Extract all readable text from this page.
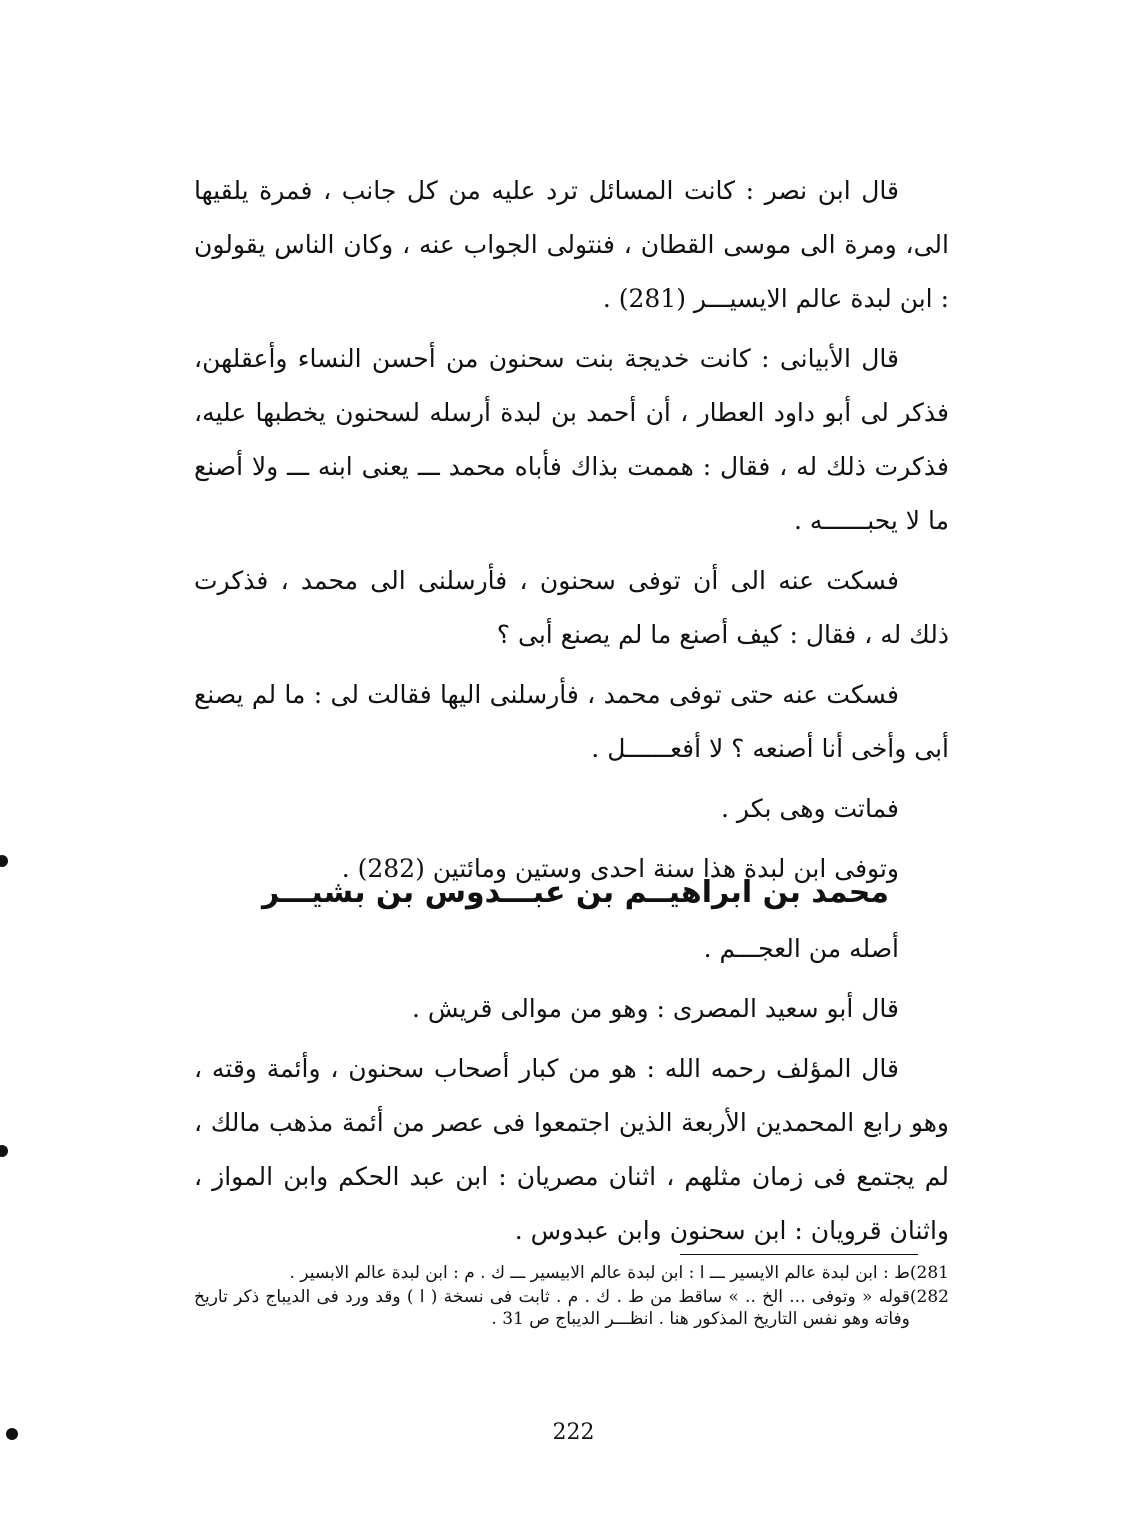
قال ابن نصر : كانت المسائل ترد عليه من كل جانب ، فمرة يلقيها الى، ومرة الى موسى القطان ، فنتولى الجواب عنه ، وكان الناس يقولون : ابن لبدة عالم الايسيـــر (281) .

قال الأبيانى : كانت خديجة بنت سحنون من أحسن النساء وأعقلهن، فذكر لى أبو داود العطار ، أن أحمد بن لبدة أرسله لسحنون يخطبها عليه، فذكرت ذلك له ، فقال : هممت بذاك فأباه محمد ـــ يعنى ابنه ـــ ولا أصنع ما لا يحبــــــه .

فسكت عنه الى أن توفى سحنون ، فأرسلنى الى محمد ، فذكرت ذلك له ، فقال : كيف أصنع ما لم يصنع أبى ؟

فسكت عنه حتى توفى محمد ، فأرسلنى اليها فقالت لى : ما لم يصنع أبى وأخى أنا أصنعه ؟ لا أفعــــــل .

فماتت وهى بكر .

وتوفى ابن لبدة هذا سنة احدى وستين ومائتين (282) .

محمد بن ابراهيــم بن عبـــدوس بن بشيـــر

أصله من العجـــم .

قال أبو سعيد المصرى : وهو من موالى قريش .

قال المؤلف رحمه الله : هو من كبار أصحاب سحنون ، وأئمة وقته ، وهو رابع المحمدين الأربعة الذين اجتمعوا فى عصر من أئمة مذهب مالك ، لم يجتمع فى زمان مثلهم ، اثنان مصريان : ابن عبد الحكم وابن المواز ، واثنان قرويان : ابن سحنون وابن عبدوس .

281)
ط : ابن لبدة عالم الايسير ـــ ا : ابن لبدة عالم الابيسير ـــ ك . م : ابن لبدة عالم الابسير .
282)
قوله « وتوفى ... الخ .. » ساقط من ط . ك . م . ثابت فى نسخة ( ا ) وقد ورد فى الديباج ذكر تاريخ وفاته وهو نفس التاريخ المذكور هنا . انظـــر الديباج ص 31 .
222
